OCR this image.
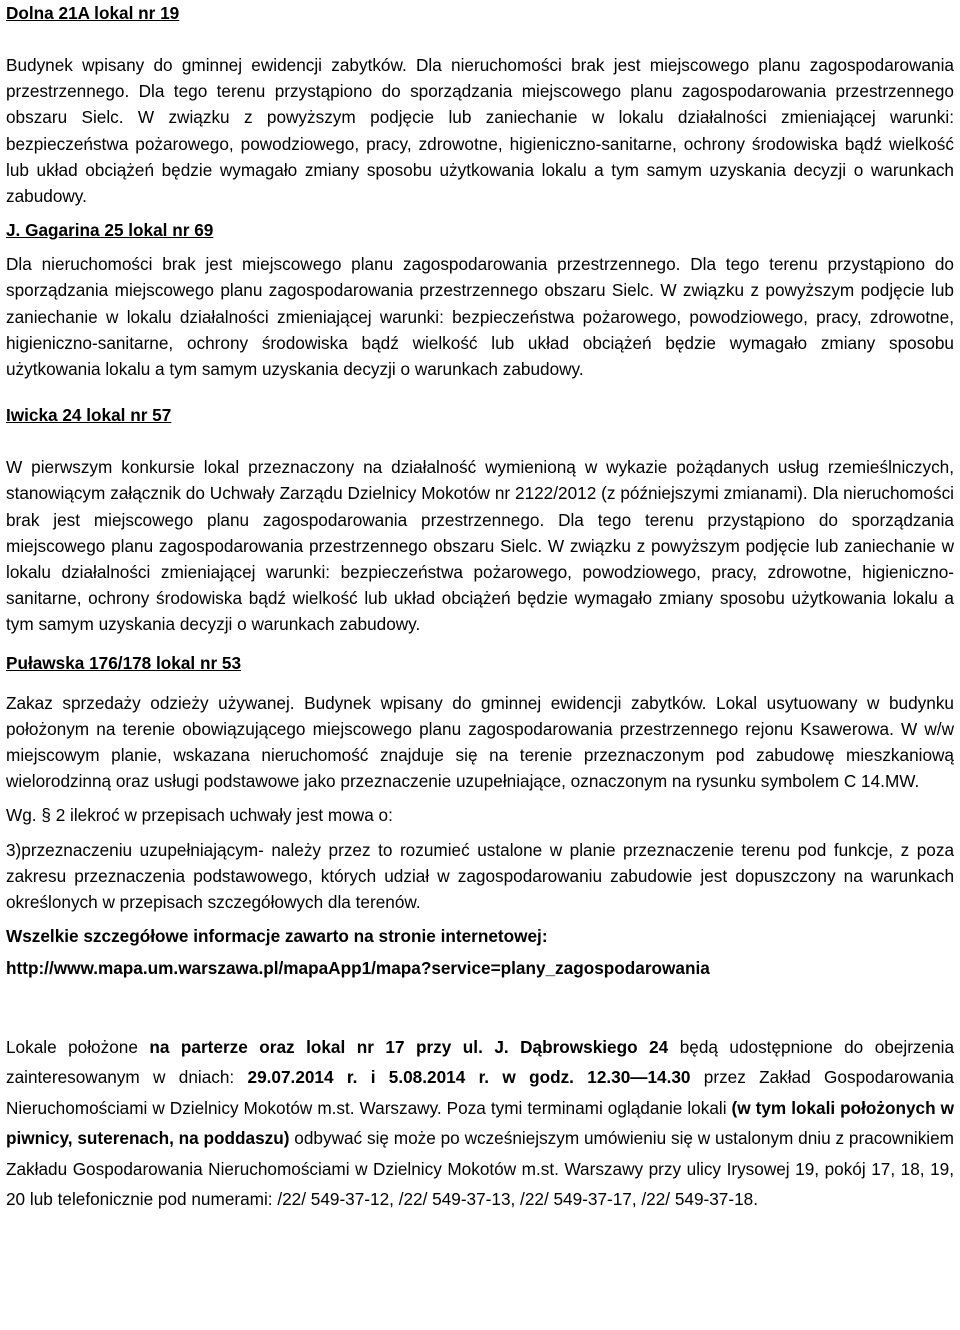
Dolna 21A lokal nr 19

Budynek wpisany do gminnej ewidencji zabytków. Dla nieruchomości brak jest miejscowego planu zagospodarowania przestrzennego. Dla tego terenu przystąpiono do sporządzania miejscowego planu zagospodarowania przestrzennego obszaru Sielc. W związku z powyższym podjęcie lub zaniechanie w lokalu działalności zmieniającej warunki: bezpieczeństwa pożarowego, powodziowego, pracy, zdrowotne, higieniczno-sanitarne, ochrony środowiska bądź wielkość lub układ obciążeń będzie wymagało zmiany sposobu użytkowania lokalu a tym samym uzyskania decyzji o warunkach zabudowy.

J. Gagarina 25 lokal nr 69

Dla nieruchomości brak jest miejscowego planu zagospodarowania przestrzennego. Dla tego terenu przystąpiono do sporządzania miejscowego planu zagospodarowania przestrzennego obszaru Sielc. W związku z powyższym podjęcie lub zaniechanie w lokalu działalności zmieniającej warunki: bezpieczeństwa pożarowego, powodziowego, pracy, zdrowotne, higieniczno-sanitarne, ochrony środowiska bądź wielkość lub układ obciążeń będzie wymagało zmiany sposobu użytkowania lokalu a tym samym uzyskania decyzji o warunkach zabudowy.

Iwicka 24 lokal nr 57

W pierwszym konkursie lokal przeznaczony na działalność wymienioną w wykazie pożądanych usług rzemieślniczych, stanowiącym załącznik do Uchwały Zarządu Dzielnicy Mokotów nr 2122/2012 (z późniejszymi zmianami). Dla nieruchomości brak jest miejscowego planu zagospodarowania przestrzennego. Dla tego terenu przystąpiono do sporządzania miejscowego planu zagospodarowania przestrzennego obszaru Sielc. W związku z powyższym podjęcie lub zaniechanie w lokalu działalności zmieniającej warunki: bezpieczeństwa pożarowego, powodziowego, pracy, zdrowotne, higieniczno-sanitarne, ochrony środowiska bądź wielkość lub układ obciążeń będzie wymagało zmiany sposobu użytkowania lokalu a tym samym uzyskania decyzji o warunkach zabudowy.

Puławska 176/178 lokal nr 53

Zakaz sprzedaży odzieży używanej. Budynek wpisany do gminnej ewidencji zabytków. Lokal usytuowany w budynku położonym na terenie obowiązującego miejscowego planu zagospodarowania przestrzennego rejonu Ksawerowa. W w/w miejscowym planie, wskazana nieruchomość znajduje się na terenie przeznaczonym pod zabudowę mieszkaniową wielorodzinną oraz usługi podstawowe jako przeznaczenie uzupełniające, oznaczonym na rysunku symbolem C 14.MW.

Wg. § 2 ilekroć w przepisach uchwały jest mowa o:

3)przeznaczeniu uzupełniającym- należy przez to rozumieć ustalone w planie przeznaczenie terenu pod funkcje, z poza zakresu przeznaczenia podstawowego, których udział w zagospodarowaniu zabudowie jest dopuszczony na warunkach określonych w przepisach szczegółowych dla terenów.

Wszelkie szczegółowe informacje zawarto na stronie internetowej:

http://www.mapa.um.warszawa.pl/mapaApp1/mapa?service=plany_zagospodarowania

Lokale położone na parterze oraz lokal nr 17 przy ul. J. Dąbrowskiego 24 będą udostępnione do obejrzenia zainteresowanym w dniach: 29.07.2014 r. i 5.08.2014 r. w godz. 12.30—14.30 przez Zakład Gospodarowania Nieruchomościami w Dzielnicy Mokotów m.st. Warszawy. Poza tymi terminami oglądanie lokali (w tym lokali położonych w piwnicy, suterenach, na poddaszu) odbywać się może po wcześniejszym umówieniu się w ustalonym dniu z pracownikiem Zakładu Gospodarowania Nieruchomościami w Dzielnicy Mokotów m.st. Warszawy przy ulicy Irysowej 19, pokój 17, 18, 19, 20 lub telefonicznie pod numerami: /22/ 549-37-12, /22/ 549-37-13, /22/ 549-37-17, /22/ 549-37-18.
